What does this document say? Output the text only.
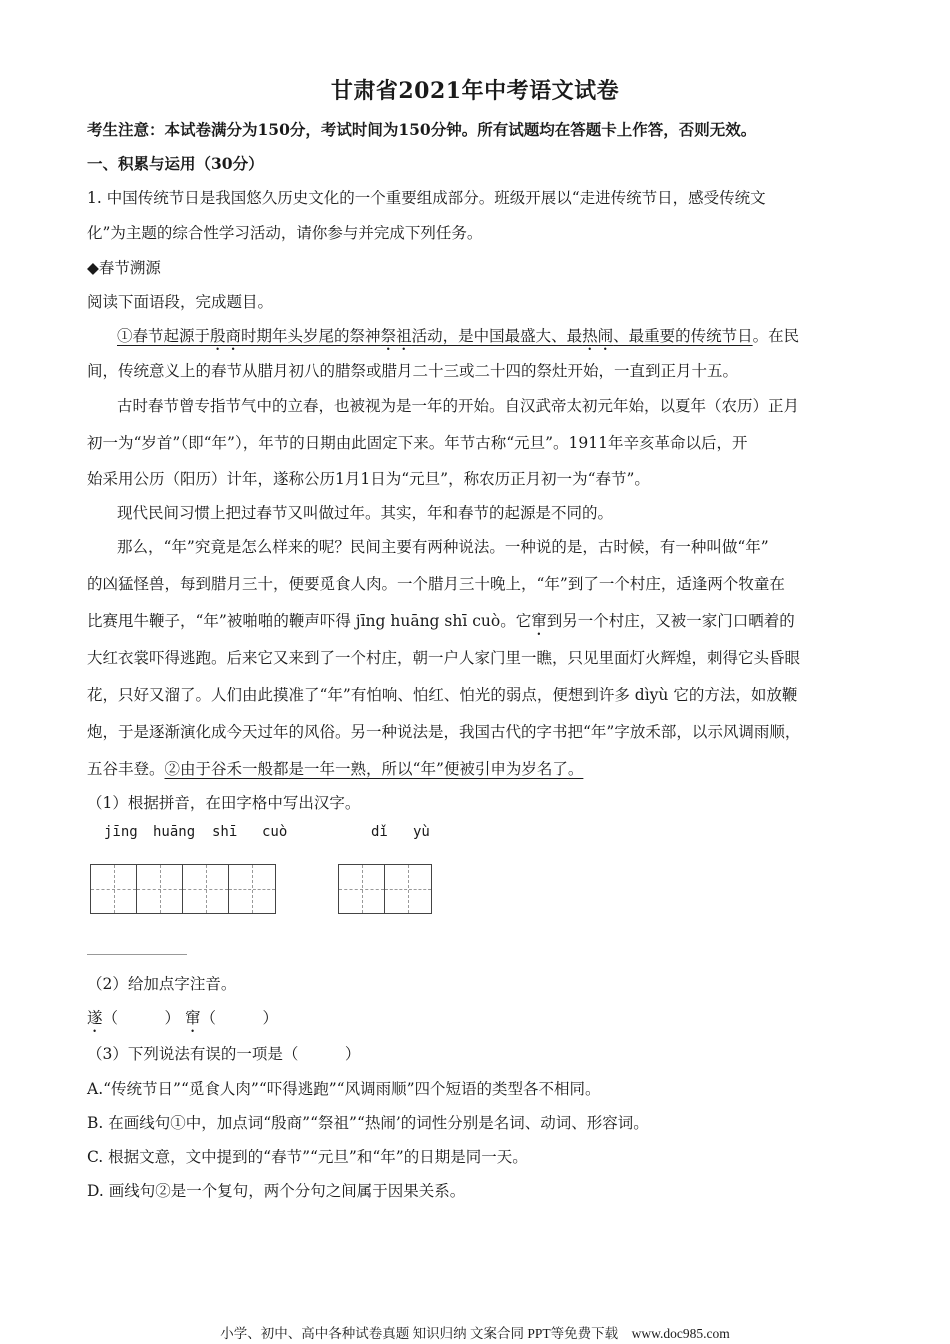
甘肃省2021年中考语文试卷
考生注意：本试卷满分为150分，考试时间为150分钟。所有试题均在答题卡上作答，否则无效。
一、积累与运用（30分）
1. 中国传统节日是我国悠久历史文化的一个重要组成部分。班级开展以“走进传统节日，感受传统文
化”为主题的综合性学习活动，请你参与并完成下列任务。
◆春节溯源
阅读下面语段，完成题目。
①春节起源于殷商时期年头岁尾的祭神祭祖活动，是中国最盛大、最热闹、最重要的传统节日。在民
间，传统意义上的春节从腊月初八的腊祭或腊月二十三或二十四的祭灶开始，一直到正月十五。
古时春节曾专指节气中的立春，也被视为是一年的开始。自汉武帝太初元年始，以夏年（农历）正月
初一为“岁首”（即“年”），年节的日期由此固定下来。年节古称“元旦”。1911年辛亥革命以后，开
始采用公历（阳历）计年，遂称公历1月1日为“元旦”，称农历正月初一为“春节”。
现代民间习惯上把过春节又叫做过年。其实，年和春节的起源是不同的。
那么，“年”究竟是怎么样来的呢？民间主要有两种说法。一种说的是，古时候，有一种叫做“年”
的凶猛怪兽，每到腊月三十，便要觅食人肉。一个腊月三十晚上，“年”到了一个村庄，适逢两个牧童在
比赛甩牛鞭子，“年”被啪啪的鞭声吓得 jīng huāng shī cuò。它窜到另一个村庄，又被一家门口晒着的
大红衣裳吓得逃跑。后来它又来到了一个村庄，朝一户人家门里一瞧，只见里面灯火辉煌，刺得它头昏眼
花，只好又溜了。人们由此摸准了“年”有怕响、怕红、怕光的弱点，便想到许多 dìyù 它的方法，如放鞭
炮，于是逐渐演化成今天过年的风俗。另一种说法是，我国古代的字书把“年”字放禾部，以示风调雨顺，
五谷丰登。②由于谷禾一般都是一年一熟，所以“年”便被引申为岁名了。
（1）根据拼音，在田字格中写出汉字。
jīng huāng shī cuò	dǐ yù
（2）给加点字注音。
遂（　　　） 窜（　　　）
（3）下列说法有误的一项是（　　　）
A.“传统节日”“觅食人肉”“吓得逃跑”“风调雨顺”四个短语的类型各不相同。
B. 在画线句①中，加点词“殷商”“祭祖”“热闹’的词性分别是名词、动词、形容词。
C. 根据文意，文中提到的“春节”“元旦”和“年”的日期是同一天。
D. 画线句②是一个复句，两个分句之间属于因果关系。
小学、初中、高中各种试卷真题 知识归纳 文案合同 PPT等免费下载　www.doc985.com
